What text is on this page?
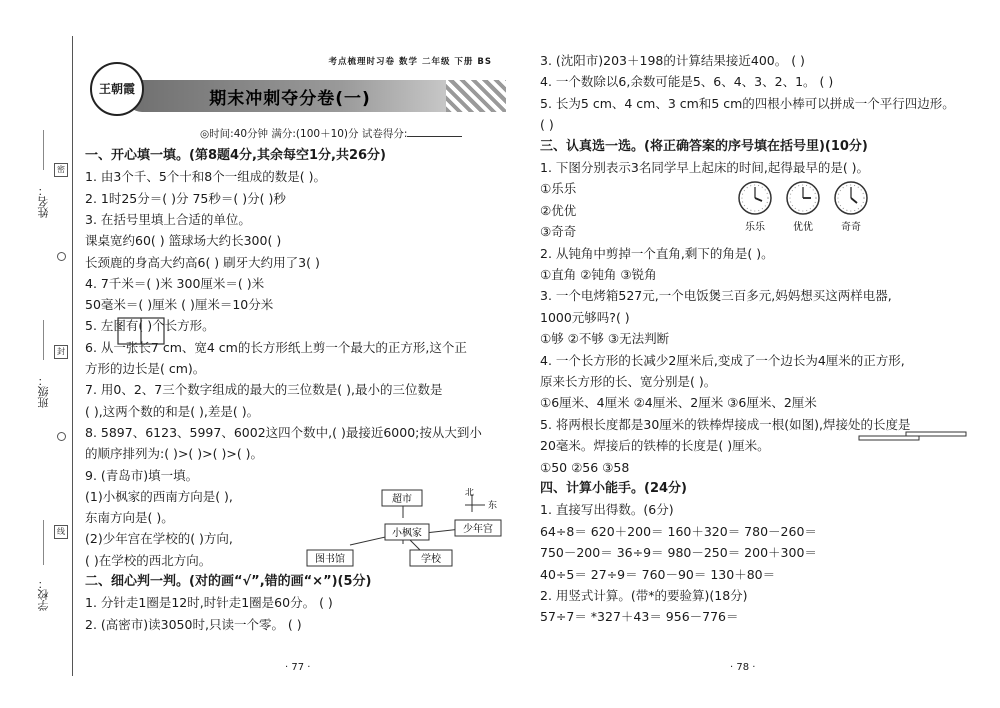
姓名：
班级：
学校：
密
封
线
考点梳理时习卷 数学 二年级 下册 BS
王朝霞	期末冲刺夺分卷(一)
◎时间:40分钟 满分:(100＋10)分 试卷得分:
一、开心填一填。(第8题4分,其余每空1分,共26分)
1. 由3个千、5个十和8个一组成的数是( )。
2. 1时25分＝( )分 75秒＝( )分( )秒
3. 在括号里填上合适的单位。
课桌宽约60( ) 篮球场大约长300( )
长颈鹿的身高大约高6( ) 刷牙大约用了3( )
4. 7千米＝( )米 300厘米＝( )米
50毫米＝( )厘米 ( )厘米＝10分米
5. 左图有( )个长方形。
6. 从一张长7 cm、宽4 cm的长方形纸上剪一个最大的正方形,这个正
方形的边长是( cm)。
7. 用0、2、7三个数字组成的最大的三位数是( ),最小的三位数是
( ),这两个数的和是( ),差是( )。
8. 5897、6123、5997、6002这四个数中,( )最接近6000;按从大到小
的顺序排列为:( )>( )>( )>( )。
9. (青岛市)填一填。
(1)小枫家的西南方向是( ),
东南方向是( )。
(2)少年宫在学校的( )方向,
( )在学校的西北方向。
二、细心判一判。(对的画“√”,错的画“×”)(5分)
1. 分针走1圈是12时,时针走1圈是60分。 ( )
2. (高密市)读3050时,只读一个零。 ( )
超市
小枫家
图书馆	学校
少年宫
北
东
· 77 ·
3. (沈阳市)203＋198的计算结果接近400。 ( )
4. 一个数除以6,余数可能是5、6、4、3、2、1。 ( )
5. 长为5 cm、4 cm、3 cm和5 cm的四根小棒可以拼成一个平行四边形。
( )
三、认真选一选。(将正确答案的序号填在括号里)(10分)
1. 下图分别表示3名同学早上起床的时间,起得最早的是( )。
①乐乐
②优优
③奇奇
2. 从钝角中剪掉一个直角,剩下的角是( )。
①直角 ②钝角 ③锐角
3. 一个电烤箱527元,一个电饭煲三百多元,妈妈想买这两样电器,
1000元够吗?( )
①够 ②不够 ③无法判断
4. 一个长方形的长减少2厘米后,变成了一个边长为4厘米的正方形,
原来长方形的长、宽分别是( )。
①6厘米、4厘米 ②4厘米、2厘米 ③6厘米、2厘米
5. 将两根长度都是30厘米的铁棒焊接成一根(如图),焊接处的长度是
20毫米。焊接后的铁棒的长度是( )厘米。
①50 ②56 ③58
四、计算小能手。(24分)
1. 直接写出得数。(6分)
64÷8＝ 620＋200＝ 160＋320＝ 780－260＝
750－200＝ 36÷9＝ 980－250＝ 200＋300＝
40÷5＝ 27÷9＝ 760－90＝ 130＋80＝
2. 用竖式计算。(带*的要验算)(18分)
57÷7＝ *327＋43＝ 956－776＝
乐乐	优优	奇奇
· 78 ·
